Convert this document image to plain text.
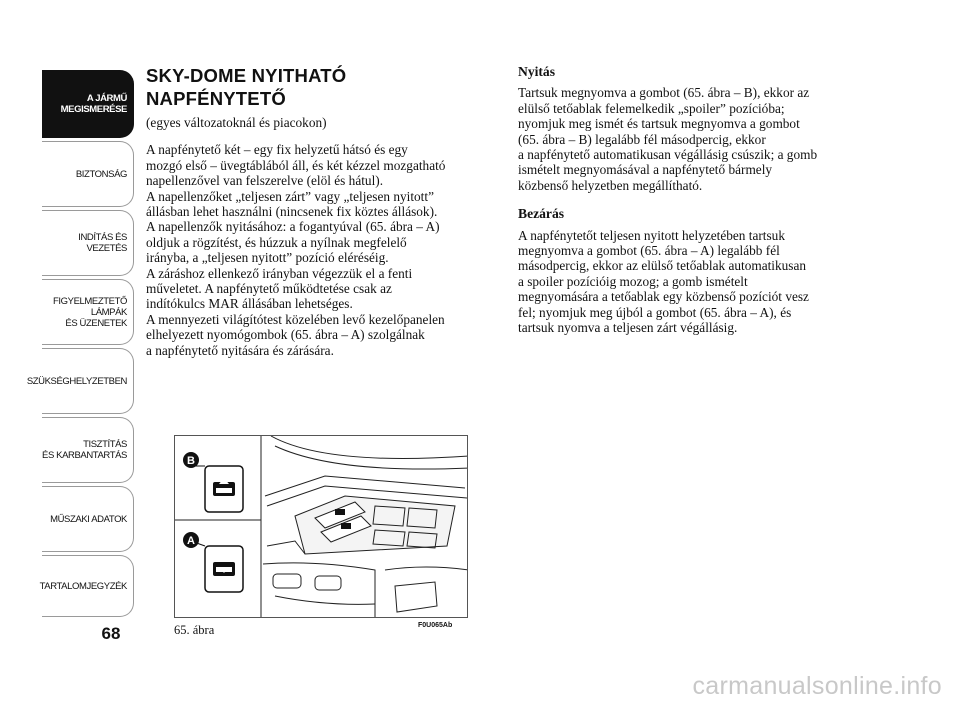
A JÁRMŰ
MEGISMERÉSE
BIZTONSÁG
INDÍTÁS ÉS VEZETÉS
FIGYELMEZTETŐ
LÁMPÁK
ÉS ÜZENETEK
SZÜKSÉGHELYZETBEN
TISZTÍTÁS
ÉS KARBANTARTÁS
MŰSZAKI ADATOK
TARTALOMJEGYZÉK
68
SKY-DOME NYITHATÓ
NAPFÉNYTETŐ

(egyes változatoknál és piacokon)

A napfénytető két – egy fix helyzetű hátsó és egy
mozgó első – üvegtáblából áll, és két kézzel mozgatható
napellenzővel van felszerelve (elöl és hátul).
A napellenzőket „teljesen zárt” vagy „teljesen nyitott”
állásban lehet használni (nincsenek fix köztes állások).
A napellenzők nyitásához: a fogantyúval (65. ábra – A)
oldjuk a rögzítést, és húzzuk a nyílnak megfelelő
irányba, a „teljesen nyitott” pozíció eléréséig.
A záráshoz ellenkező irányban végezzük el a fenti
műveletet. A napfénytető működtetése csak az
indítókulcs MAR állásában lehetséges.
A mennyezeti világítótest közelében levő kezelőpanelen
elhelyezett nyomógombok (65. ábra – A) szolgálnak
a napfénytető nyitására és zárására.

Nyitás

Tartsuk megnyomva a gombot (65. ábra – B), ekkor az
elülső tetőablak felemelkedik „spoiler” pozícióba;
nyomjuk meg ismét és tartsuk megnyomva a gombot
(65. ábra – B) legalább fél másodpercig, ekkor
a napfénytető automatikusan végállásig csúszik; a gomb
ismételt megnyomásával a napfénytető bármely
közbenső helyzetben megállítható.

Bezárás

A napfénytetőt teljesen nyitott helyzetében tartsuk
megnyomva a gombot (65. ábra – A) legalább fél
másodpercig, ekkor az elülső tetőablak automatikusan
a spoiler pozícióig mozog; a gomb ismételt
megnyomására a tetőablak egy közbenső pozíciót vesz
fel; nyomjuk meg újból a gombot (65. ábra – A), és
tartsuk nyomva a teljesen zárt végállásig.

B
A
65. ábra	F0U065Ab
carmanualsonline.info
